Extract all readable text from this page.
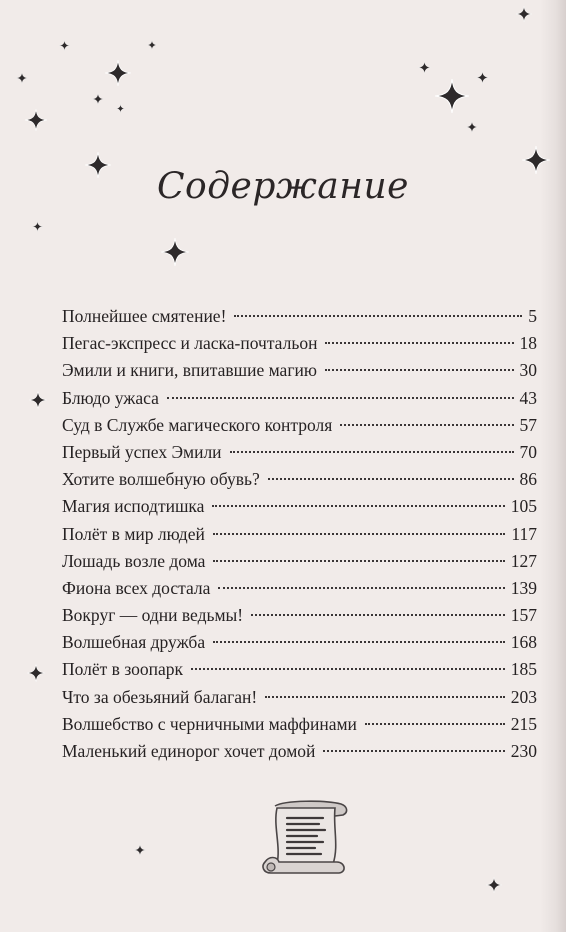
Содержание
Полнейшее смятение!	5
Пегас-экспресс и ласка-почтальон	18
Эмили и книги, впитавшие магию	30
Блюдо ужаса	43
Суд в Службе магического контроля	57
Первый успех Эмили	70
Хотите волшебную обувь?	86
Магия исподтишка	105
Полёт в мир людей	117
Лошадь возле дома	127
Фиона всех достала	139
Вокруг — одни ведьмы!	157
Волшебная дружба	168
Полёт в зоопарк	185
Что за обезьяний балаган!	203
Волшебство с черничными маффинами	215
Маленький единорог хочет домой	230
